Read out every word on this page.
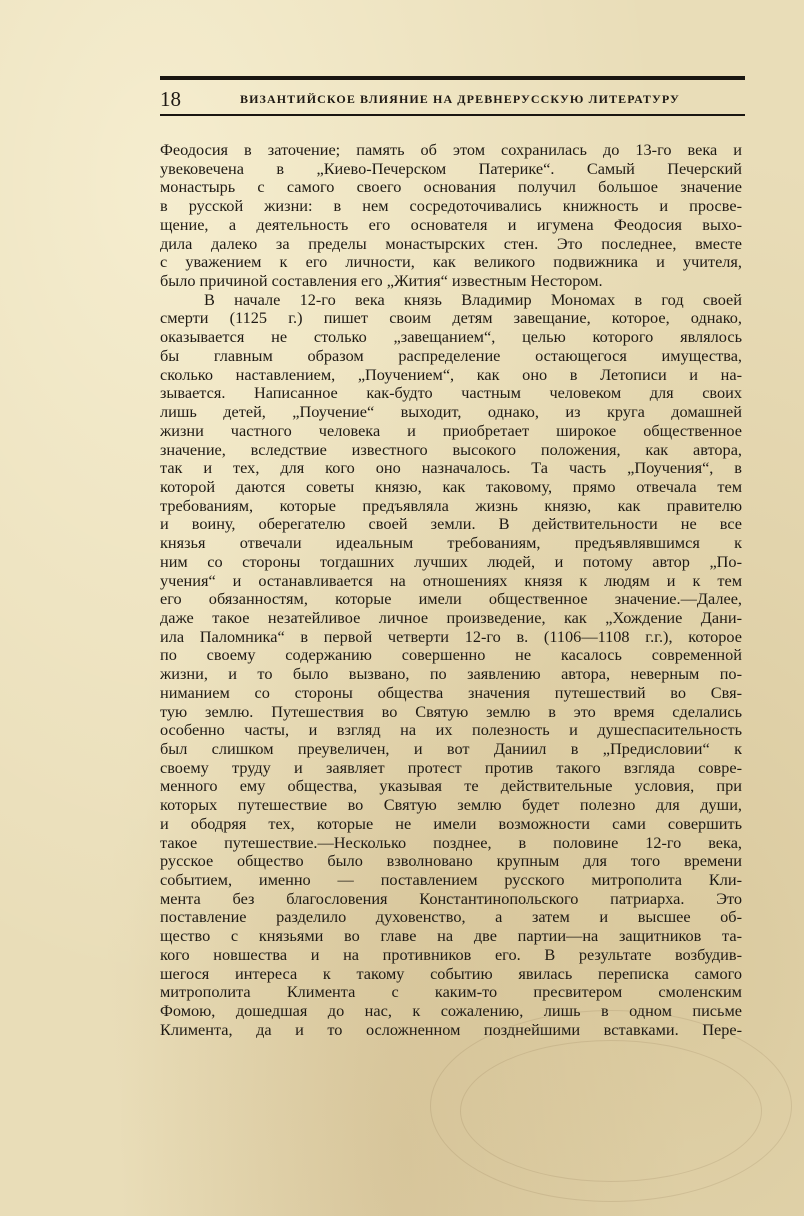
18	ВИЗАНТИЙСКОЕ ВЛИЯНИЕ НА ДРЕВНЕРУССКУЮ ЛИТЕРАТУРУ
Феодосия в заточение; память об этом сохранилась до 13-го века и
увековечена в „Киево-Печерском Патерике“. Самый Печерский
монастырь с самого своего основания получил большое значение
в русской жизни: в нем сосредоточивались книжность и просве-
щение, а деятельность его основателя и игумена Феодосия выхо-
дила далеко за пределы монастырских стен. Это последнее, вместе
с уважением к его личности, как великого подвижника и учителя,
было причиной составления его „Жития“ известным Нестором.
В начале 12-го века князь Владимир Мономах в год своей
смерти (1125 г.) пишет своим детям завещание, которое, однако,
оказывается не столько „завещанием“, целью которого являлось
бы главным образом распределение остающегося имущества,
сколько наставлением, „Поучением“, как оно в Летописи и на-
зывается. Написанное как-будто частным человеком для своих
лишь детей, „Поучение“ выходит, однако, из круга домашней
жизни частного человека и приобретает широкое общественное
значение, вследствие известного высокого положения, как автора,
так и тех, для кого оно назначалось. Та часть „Поучения“, в
которой даются советы князю, как таковому, прямо отвечала тем
требованиям, которые предъявляла жизнь князю, как правителю
и воину, оберегателю своей земли. В действительности не все
князья отвечали идеальным требованиям, предъявлявшимся к
ним со стороны тогдашних лучших людей, и потому автор „По-
учения“ и останавливается на отношениях князя к людям и к тем
его обязанностям, которые имели общественное значение.—Далее,
даже такое незатейливое личное произведение, как „Хождение Дани-
ила Паломника“ в первой четверти 12-го в. (1106—1108 г.г.), которое
по своему содержанию совершенно не касалось современной
жизни, и то было вызвано, по заявлению автора, неверным по-
ниманием со стороны общества значения путешествий во Свя-
тую землю. Путешествия во Святую землю в это время сделались
особенно часты, и взгляд на их полезность и душеспасительность
был слишком преувеличен, и вот Даниил в „Предисловии“ к
своему труду и заявляет протест против такого взгляда совре-
менного ему общества, указывая те действительные условия, при
которых путешествие во Святую землю будет полезно для души,
и ободряя тех, которые не имели возможности сами совершить
такое путешествие.—Несколько позднее, в половине 12-го века,
русское общество было взволновано крупным для того времени
событием, именно — поставлением русского митрополита Кли-
мента без благословения Константинопольского патриарха. Это
поставление разделило духовенство, а затем и высшее об-
щество с князьями во главе на две партии—на защитников та-
кого новшества и на противников его. В результате возбудив-
шегося интереса к такому событию явилась переписка самого
митрополита Климента с каким-то пресвитером смоленским
Фомою, дошедшая до нас, к сожалению, лишь в одном письме
Климента, да и то осложненном позднейшими вставками. Пере-
